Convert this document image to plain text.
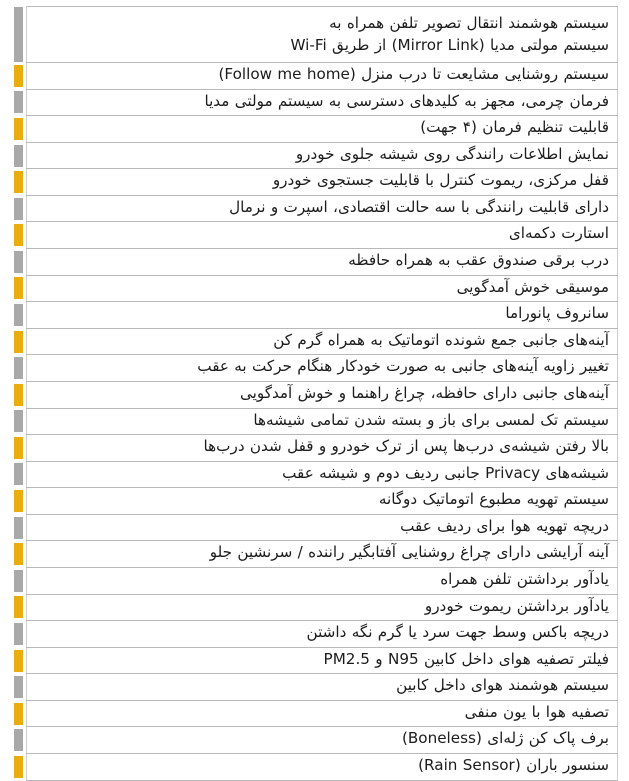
سیستم هوشمند انتقال تصویر تلفن همراه به
سیستم مولتی مدیا (Mirror Link) از طریق Wi-Fi		

سیستم روشنایی مشایعت تا درب منزل (Follow me home)		

فرمان چرمی، مجهز به کلیدهای دسترسی به سیستم مولتی مدیا		

قابلیت تنظیم فرمان (۴ جهت)		

نمایش اطلاعات رانندگی روی شیشه جلوی خودرو		

قفل مرکزی، ریموت کنترل با قابلیت جستجوی خودرو		

دارای قابلیت رانندگی با سه حالت اقتصادی، اسپرت و نرمال		

استارت دکمه‌ای		

درب برقی صندوق عقب به همراه حافظه		

موسیقی خوش آمدگویی		

سانروف پانوراما		

آینه‌های جانبی جمع شونده اتوماتیک به همراه گرم کن		

تغییر زاویه آینه‌های جانبی به صورت خودکار هنگام حرکت به عقب		

آینه‌های جانبی دارای حافظه، چراغ راهنما و خوش آمدگویی		

سیستم تک لمسی برای باز و بسته شدن تمامی شیشه‌ها		

بالا رفتن شیشه‌ی درب‌ها پس از ترک خودرو و قفل شدن درب‌ها		

شیشه‌های Privacy جانبی ردیف دوم و شیشه عقب		

سیستم تهویه مطبوع اتوماتیک دوگانه		

دریچه تهویه هوا برای ردیف عقب		

آینه آرایشی دارای چراغ روشنایی آفتابگیر راننده / سرنشین جلو		

یادآور برداشتن تلفن همراه		

یادآور برداشتن ریموت خودرو		

دریچه باکس وسط جهت سرد یا گرم نگه داشتن		

فیلتر تصفیه هوای داخل کابین N95 و PM2.5		

سیستم هوشمند هوای داخل کابین		

تصفیه هوا با یون منفی		

برف پاک کن ژله‌ای (Boneless)		

سنسور باران (Rain Sensor)		
